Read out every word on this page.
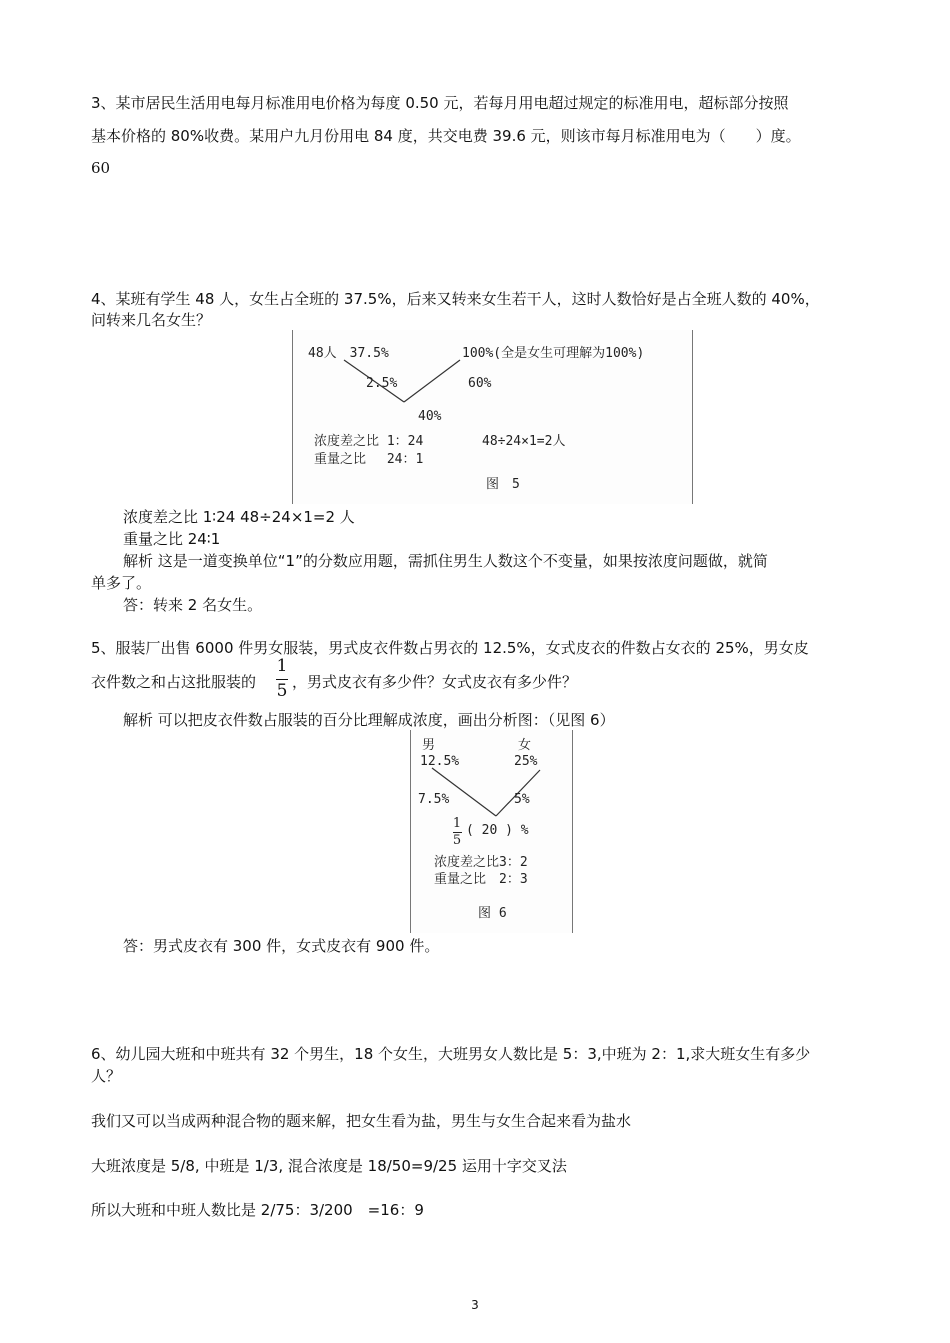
3、某市居民生活用电每月标准用电价格为每度 0.50 元，若每月用电超过规定的标准用电，超标部分按照
基本价格的 80%收费。某用户九月份用电 84 度，共交电费 39.6 元，则该市每月标准用电为（　　）度。
60
4、某班有学生 48 人，女生占全班的 37.5%，后来又转来女生若干人，这时人数恰好是占全班人数的 40%，
问转来几名女生？
48人　37.5%	100%(全是女生可理解为100%)
2.5%	60%
40%
浓度差之比 1：24	48÷24×1=2人
重量之比　 24：1
图　5
浓度差之比 1∶24 48÷24×1=2 人
重量之比 24∶1
解析 这是一道变换单位“1”的分数应用题，需抓住男生人数这个不变量，如果按浓度问题做，就简
单多了。
答：转来 2 名女生。
5、服装厂出售 6000 件男女服装，男式皮衣件数占男衣的 12.5%，女式皮衣的件数占女衣的 25%，男女皮
衣件数之和占这批服装的
1
5 ，男式皮衣有多少件？女式皮衣有多少件？
解析 可以把皮衣件数占服装的百分比理解成浓度，画出分析图：（见图 6）
男	女
12.5%	25%
7.5%	5%
1
5
( 20 ) %
浓度差之比3：2
重量之比　2：3
图 6
答：男式皮衣有 300 件，女式皮衣有 900 件。
6、幼儿园大班和中班共有 32 个男生，18 个女生，大班男女人数比是 5：3,中班为 2：1,求大班女生有多少
人？
我们又可以当成两种混合物的题来解，把女生看为盐，男生与女生合起来看为盐水
大班浓度是 5/8, 中班是 1/3, 混合浓度是 18/50=9/25 运用十字交叉法
所以大班和中班人数比是 2/75：3/200　=16：9
3
